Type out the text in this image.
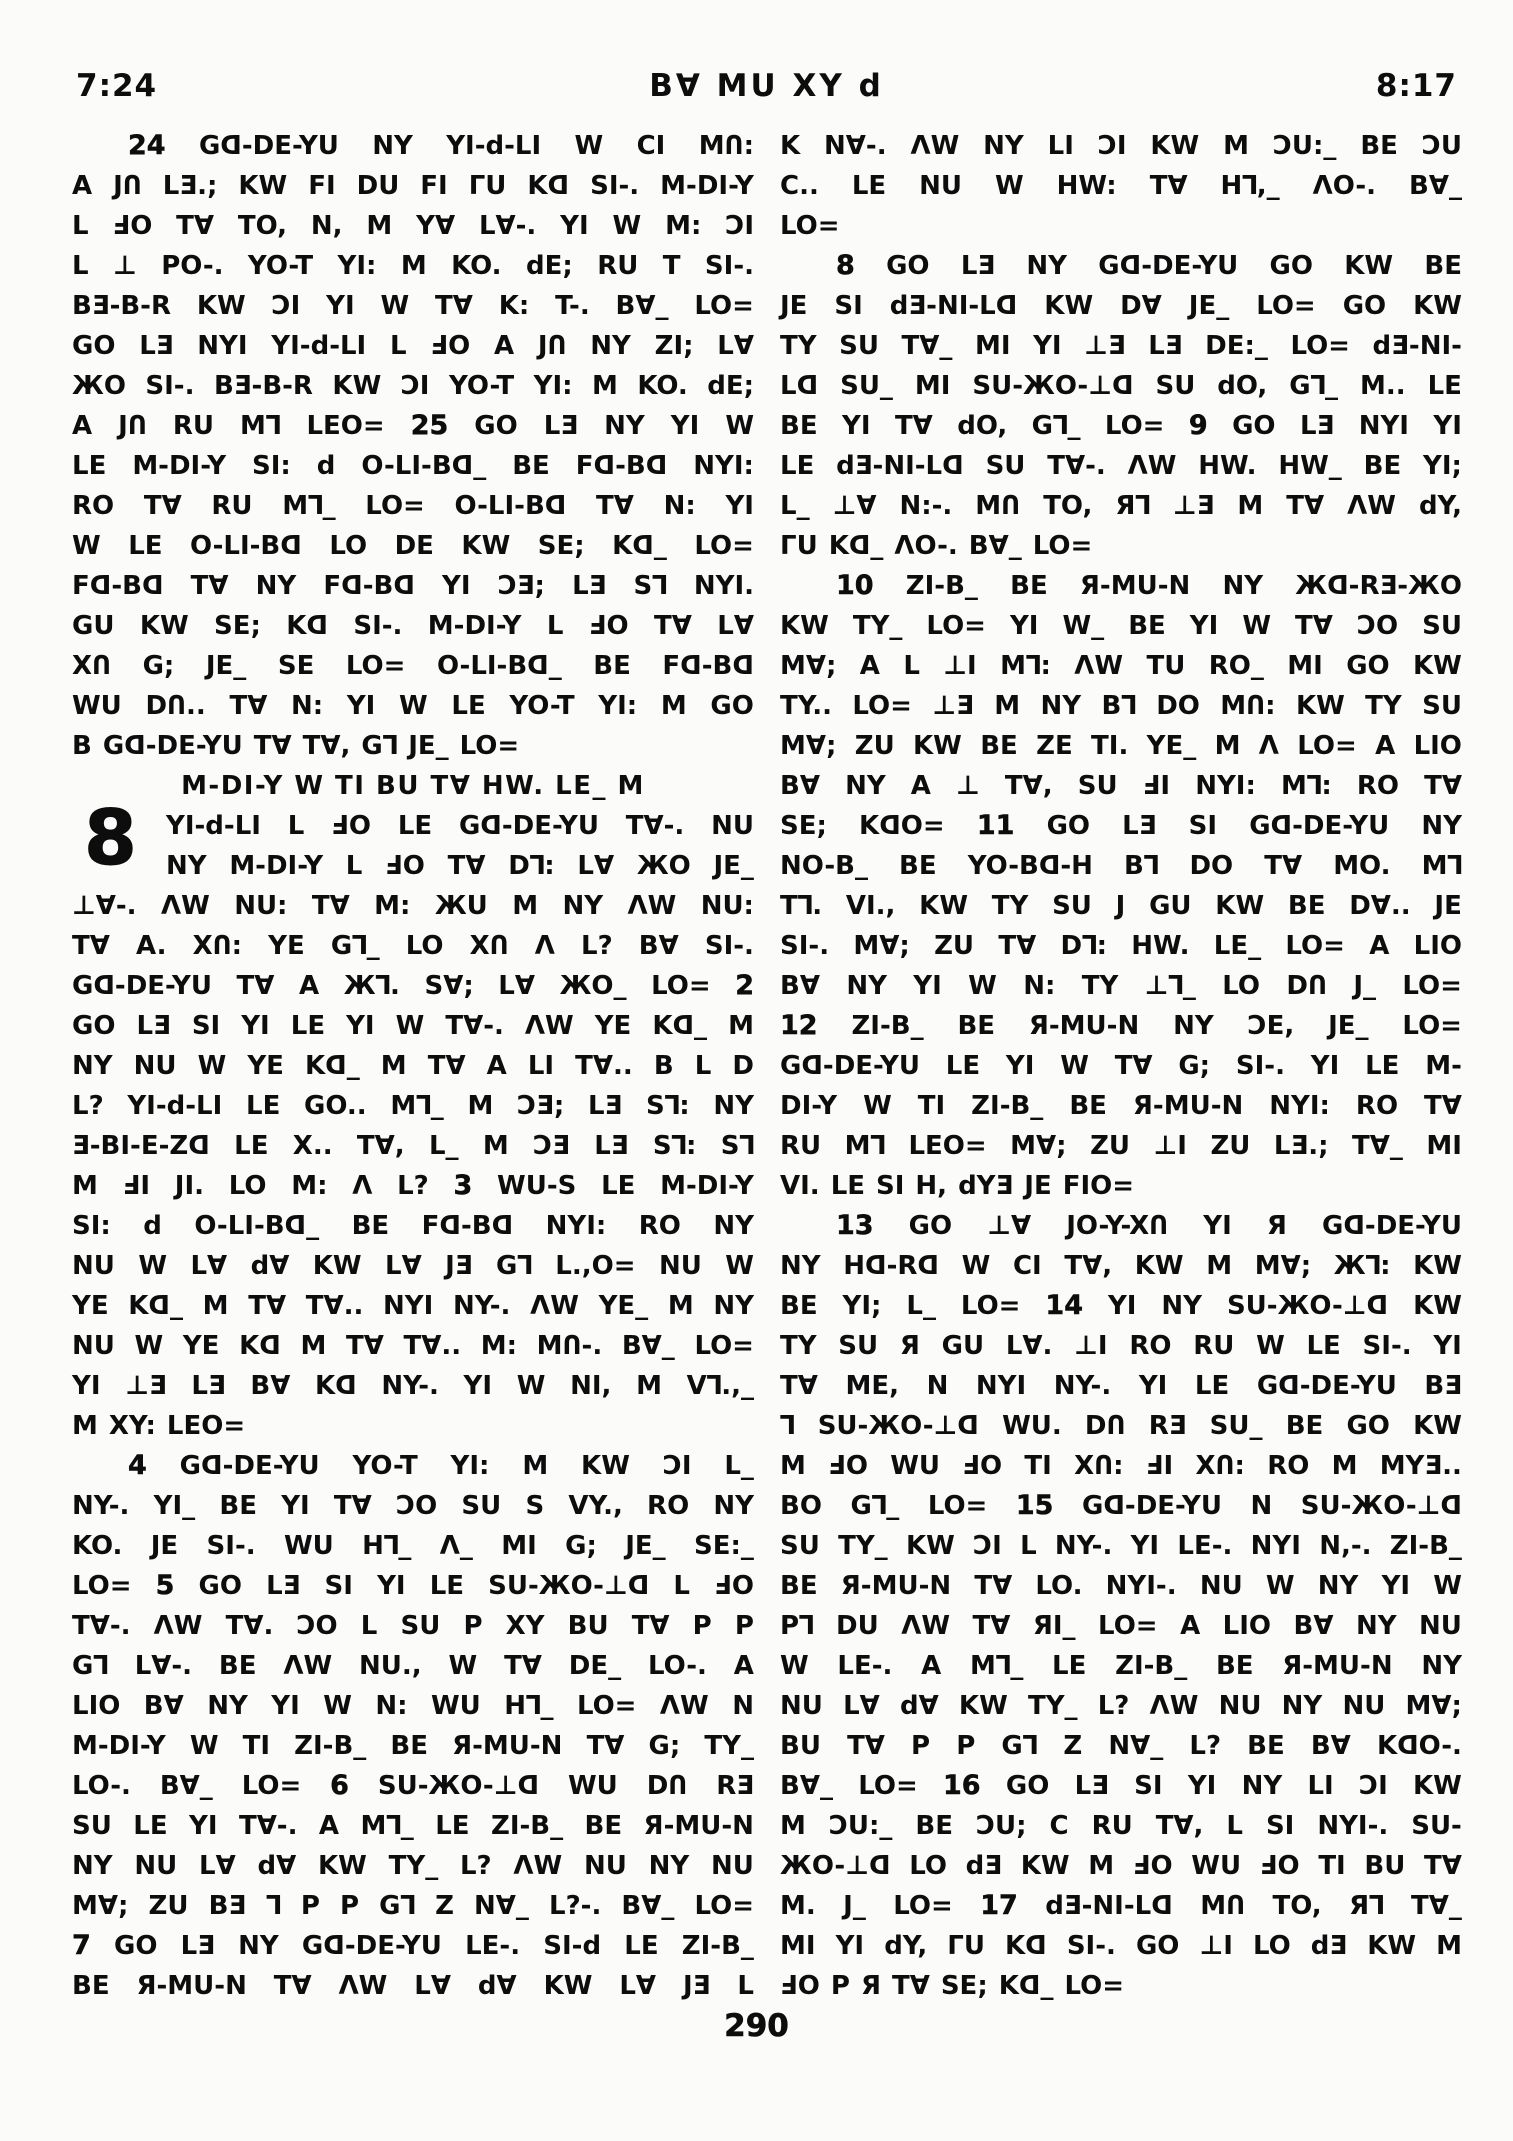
7:24	B∀ MU XY d	8:17
8
24 Gᗡ-DE-YU NY YI-d-LI W CI MՈ:
A JՈ LƎ.; KW FI DU FI ΓU Kᗡ SI-. M-DI-Y
L ℲO T∀ TO, N, M Y∀ L∀-. YI W M: ƆI
L ⊥ PO-. YO-T YI: M KO. dE; RU T SI-.
BƎ-B-R KW ƆI YI W T∀ K: T-. B∀_ LO=
GO LƎ NYI YI-d-LI L ℲO A JՈ NY ZI; L∀
ЖO SI-. BƎ-B-R KW ƆI YO-T YI: M KO. dE;
A JՈ RU M⅂ LEO= 25 GO LƎ NY YI W
LE M-DI-Y SI: d O-LI-Bᗡ_ BE Fᗡ-Bᗡ NYI:
RO T∀ RU M⅂_ LO= O-LI-Bᗡ T∀ N: YI
W LE O-LI-Bᗡ LO DE KW SE; Kᗡ_ LO=
Fᗡ-Bᗡ T∀ NY Fᗡ-Bᗡ YI ƆƎ; LƎ S⅂ NYI.
GU KW SE; Kᗡ SI-. M-DI-Y L ℲO T∀ L∀
XՈ G; JE_ SE LO= O-LI-Bᗡ_ BE Fᗡ-Bᗡ
WU DՈ.. T∀ N: YI W LE YO-T YI: M GO
B Gᗡ-DE-YU T∀ T∀, G⅂ JE_ LO=
M-DI-Y W TI BU T∀ HW. LE_ M
YI-d-LI L ℲO LE Gᗡ-DE-YU T∀-. NU
NY M-DI-Y L ℲO T∀ D⅂: L∀ ЖO JE_
⊥∀-. ΛW NU: T∀ M: ЖU M NY ΛW NU:
T∀ A. XՈ: YE G⅂_ LO XՈ Λ L? B∀ SI-.
Gᗡ-DE-YU T∀ A Ж⅂. S∀; L∀ ЖO_ LO= 2
GO LƎ SI YI LE YI W T∀-. ΛW YE Kᗡ_ M
NY NU W YE Kᗡ_ M T∀ A LI T∀.. B L D
L? YI-d-LI LE GO.. M⅂_ M ƆƎ; LƎ S⅂: NY
Ǝ-BI-E-Zᗡ LE X.. T∀, L_ M ƆƎ LƎ S⅂: S⅂
M ℲI JI. LO M: Λ L? 3 WU-S LE M-DI-Y
SI: d O-LI-Bᗡ_ BE Fᗡ-Bᗡ NYI: RO NY
NU W L∀ d∀ KW L∀ JƎ G⅂ L.,O= NU W
YE Kᗡ_ M T∀ T∀.. NYI NY-. ΛW YE_ M NY
NU W YE Kᗡ M T∀ T∀.. M: MՈ-. B∀_ LO=
YI ⊥Ǝ LƎ B∀ Kᗡ NY-. YI W NI, M V⅂.,_
M XY: LEO=
4 Gᗡ-DE-YU YO-T YI: M KW ƆI L_
NY-. YI_ BE YI T∀ ƆO SU S VY., RO NY
KO. JE SI-. WU H⅂_ Λ_ MI G; JE_ SE:_
LO= 5 GO LƎ SI YI LE SU-ЖO-⊥ᗡ L ℲO
T∀-. ΛW T∀. ƆO L SU P XY BU T∀ P P
G⅂ L∀-. BE ΛW NU., W T∀ DE_ LO-. A
LIO B∀ NY YI W N: WU H⅂_ LO= ΛW N
M-DI-Y W TI ZI-B_ BE Я-MU-N T∀ G; TY_
LO-. B∀_ LO= 6 SU-ЖO-⊥ᗡ WU DՈ RƎ
SU LE YI T∀-. A M⅂_ LE ZI-B_ BE Я-MU-N
NY NU L∀ d∀ KW TY_ L? ΛW NU NY NU
M∀; ZU BƎ ⅂ P P G⅂ Z N∀_ L?-. B∀_ LO=
7 GO LƎ NY Gᗡ-DE-YU LE-. SI-d LE ZI-B_
BE Я-MU-N T∀ ΛW L∀ d∀ KW L∀ JƎ L
K N∀-. ΛW NY LI ƆI KW M ƆU:_ BE ƆU
C.. LE NU W HW: T∀ H⅂,_ ΛO-. B∀_
LO=
8 GO LƎ NY Gᗡ-DE-YU GO KW BE
JE SI dƎ-NI-Lᗡ KW D∀ JE_ LO= GO KW
TY SU T∀_ MI YI ⊥Ǝ LƎ DE:_ LO= dƎ-NI-
Lᗡ SU_ MI SU-ЖO-⊥ᗡ SU dO, G⅂_ M.. LE
BE YI T∀ dO, G⅂_ LO= 9 GO LƎ NYI YI
LE dƎ-NI-Lᗡ SU T∀-. ΛW HW. HW_ BE YI;
L_ ⊥∀ N:-. MՈ TO, Я⅂ ⊥Ǝ M T∀ ΛW dY,
ΓU Kᗡ_ ΛO-. B∀_ LO=
10 ZI-B_ BE Я-MU-N NY Жᗡ-RƎ-ЖO
KW TY_ LO= YI W_ BE YI W T∀ ƆO SU
M∀; A L ⊥I M⅂: ΛW TU RO_ MI GO KW
TY.. LO= ⊥Ǝ M NY B⅂ DO MՈ: KW TY SU
M∀; ZU KW BE ZE TI. YE_ M Λ LO= A LIO
B∀ NY A ⊥ T∀, SU ℲI NYI: M⅂: RO T∀
SE; KᗡO= 11 GO LƎ SI Gᗡ-DE-YU NY
NO-B_ BE YO-Bᗡ-H B⅂ DO T∀ MO. M⅂
T⅂. VI., KW TY SU J GU KW BE D∀.. JE
SI-. M∀; ZU T∀ D⅂: HW. LE_ LO= A LIO
B∀ NY YI W N: TY ⊥⅂_ LO DՈ J_ LO=
12 ZI-B_ BE Я-MU-N NY ƆE, JE_ LO=
Gᗡ-DE-YU LE YI W T∀ G; SI-. YI LE M-
DI-Y W TI ZI-B_ BE Я-MU-N NYI: RO T∀
RU M⅂ LEO= M∀; ZU ⊥I ZU LƎ.; T∀_ MI
VI. LE SI H, dYƎ JE FIO=
13 GO ⊥∀ JO-Y-XՈ YI Я Gᗡ-DE-YU
NY Hᗡ-Rᗡ W CI T∀, KW M M∀; Ж⅂: KW
BE YI; L_ LO= 14 YI NY SU-ЖO-⊥ᗡ KW
TY SU Я GU L∀. ⊥I RO RU W LE SI-. YI
T∀ ME, N NYI NY-. YI LE Gᗡ-DE-YU BƎ
⅂ SU-ЖO-⊥ᗡ WU. DՈ RƎ SU_ BE GO KW
M ℲO WU ℲO TI XՈ: ℲI XՈ: RO M MYƎ..
BO G⅂_ LO= 15 Gᗡ-DE-YU N SU-ЖO-⊥ᗡ
SU TY_ KW ƆI L NY-. YI LE-. NYI N,-. ZI-B_
BE Я-MU-N T∀ LO. NYI-. NU W NY YI W
P⅂ DU ΛW T∀ ЯI_ LO= A LIO B∀ NY NU
W LE-. A M⅂_ LE ZI-B_ BE Я-MU-N NY
NU L∀ d∀ KW TY_ L? ΛW NU NY NU M∀;
BU T∀ P P G⅂ Z N∀_ L? BE B∀ KᗡO-.
B∀_ LO= 16 GO LƎ SI YI NY LI ƆI KW
M ƆU:_ BE ƆU; C RU T∀, L SI NYI-. SU-
ЖO-⊥ᗡ LO dƎ KW M ℲO WU ℲO TI BU T∀
M. J_ LO= 17 dƎ-NI-Lᗡ MՈ TO, Я⅂ T∀_
MI YI dY, ΓU Kᗡ SI-. GO ⊥I LO dƎ KW M
ℲO P Я T∀ SE; Kᗡ_ LO=
290
